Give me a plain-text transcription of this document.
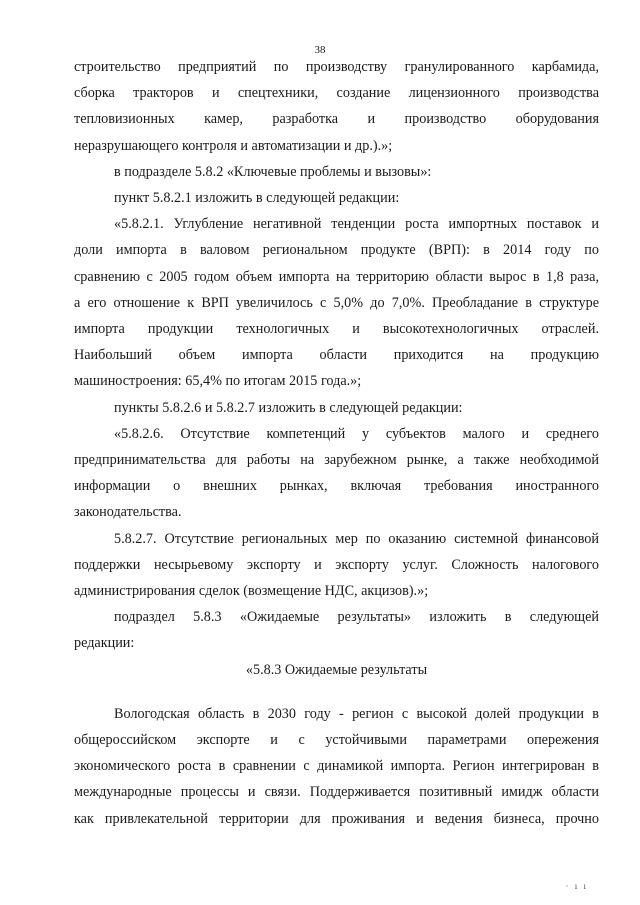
38
строительство предприятий по производству гранулированного карбамида,
сборка тракторов и спецтехники, создание лицензионного производства
тепловизионных камер, разработка и производство оборудования
неразрушающего контроля и автоматизации и др.).»;
в подразделе 5.8.2 «Ключевые проблемы и вызовы»:
пункт 5.8.2.1 изложить в следующей редакции:
«5.8.2.1. Углубление негативной тенденции роста импортных поставок и
доли импорта в валовом региональном продукте (ВРП): в 2014 году по
сравнению с 2005 годом объем импорта на территорию области вырос в 1,8 раза,
а его отношение к ВРП увеличилось с 5,0% до 7,0%. Преобладание в структуре
импорта продукции технологичных и высокотехнологичных отраслей.
Наибольший объем импорта области приходится на продукцию
машиностроения: 65,4% по итогам 2015 года.»;
пункты 5.8.2.6 и 5.8.2.7 изложить в следующей редакции:
«5.8.2.6. Отсутствие компетенций у субъектов малого и среднего
предпринимательства для работы на зарубежном рынке, а также необходимой
информации о внешних рынках, включая требования иностранного
законодательства.
5.8.2.7. Отсутствие региональных мер по оказанию системной финансовой
поддержки несырьевому экспорту и экспорту услуг. Сложность налогового
администрирования сделок (возмещение НДС, акцизов).»;
подраздел 5.8.3 «Ожидаемые результаты» изложить в следующей
редакции:
«5.8.3 Ожидаемые результаты
Вологодская область в 2030 году - регион с высокой долей продукции в
общероссийском экспорте и с устойчивыми параметрами опережения
экономического роста в сравнении с динамикой импорта. Регион интегрирован в
международные процессы и связи. Поддерживается позитивный имидж области
как привлекательной территории для проживания и ведения бизнеса, прочно
· ı ı
